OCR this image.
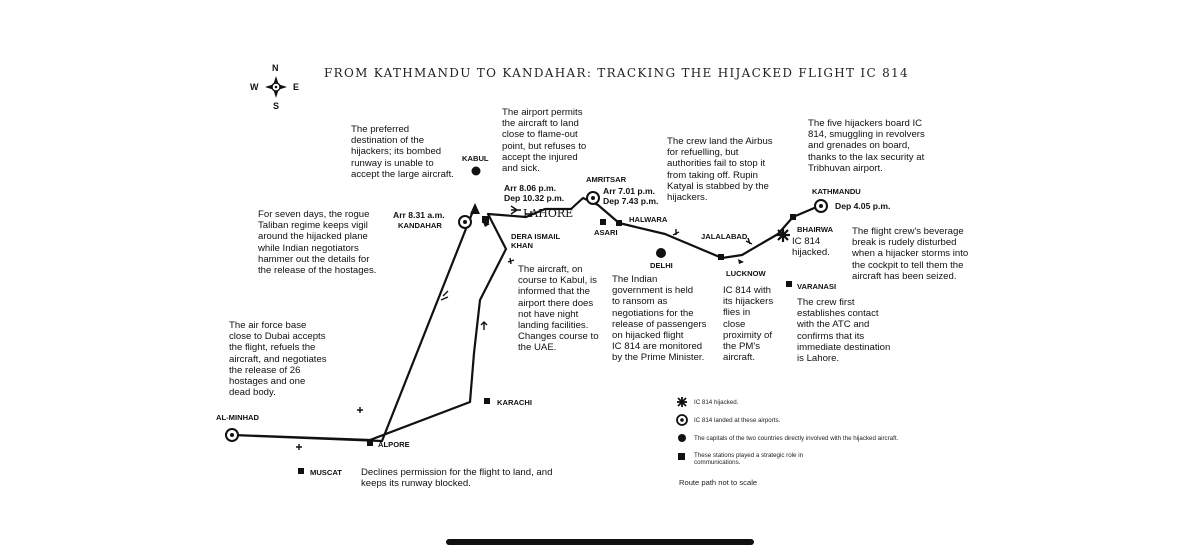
FROM KATHMANDU TO KANDAHAR: TRACKING THE HIJACKED FLIGHT IC 814
N
S
E
W
KABUL
KANDAHAR
LAHORE
DERA ISMAIL
KHAN
AMRITSAR
ASARI
HALWARA
DELHI
JALALABAD
LUCKNOW
KATHMANDU
BHAIRWA
VARANASI
KARACHI
AL-MINHAD
ALPORE
MUSCAT
Arr 8.31 a.m.
Arr 8.06 p.m.
Dep 10.32 p.m.
Arr 7.01 p.m.
Dep 7.43 p.m.	Dep 4.05 p.m.
The preferred
destination of the
hijackers; its bombed
runway is unable to
accept the large aircraft.
The airport permits
the aircraft to land
close to flame-out
point, but refuses to
accept the injured
and sick.
The crew land the Airbus
for refuelling, but
authorities fail to stop it
from taking off. Rupin
Katyal is stabbed by the
hijackers.
The five hijackers board IC
814, smuggling in revolvers
and grenades on board,
thanks to the lax security at
Tribhuvan airport.
For seven days, the rogue
Taliban regime keeps vigil
around the hijacked plane
while Indian negotiators
hammer out the details for
the release of the hostages.
IC 814
hijacked.
The flight crew's beverage
break is rudely disturbed
when a hijacker storms into
the cockpit to tell them the
aircraft has been seized.
The aircraft, on
course to Kabul, is
informed that the
airport there does
not have night
landing facilities.
Changes course to
the UAE.
The Indian
government is held
to ransom as
negotiations for the
release of passengers
on hijacked flight
IC 814 are monitored
by the Prime Minister.
IC 814 with
its hijackers
flies in
close
proximity of
the PM's
aircraft.
The crew first
establishes contact
with the ATC and
confirms that its
immediate destination
is Lahore.
The air force base
close to Dubai accepts
the flight, refuels the
aircraft, and negotiates
the release of 26
hostages and one
dead body.
Declines permission for the flight to land, and
keeps its runway blocked.
IC 814 hijacked.
IC 814 landed at these airports.
The capitals of the two countries directly involved with the hijacked aircraft.
These stations played a strategic role in
communications.
Route path not to scale
